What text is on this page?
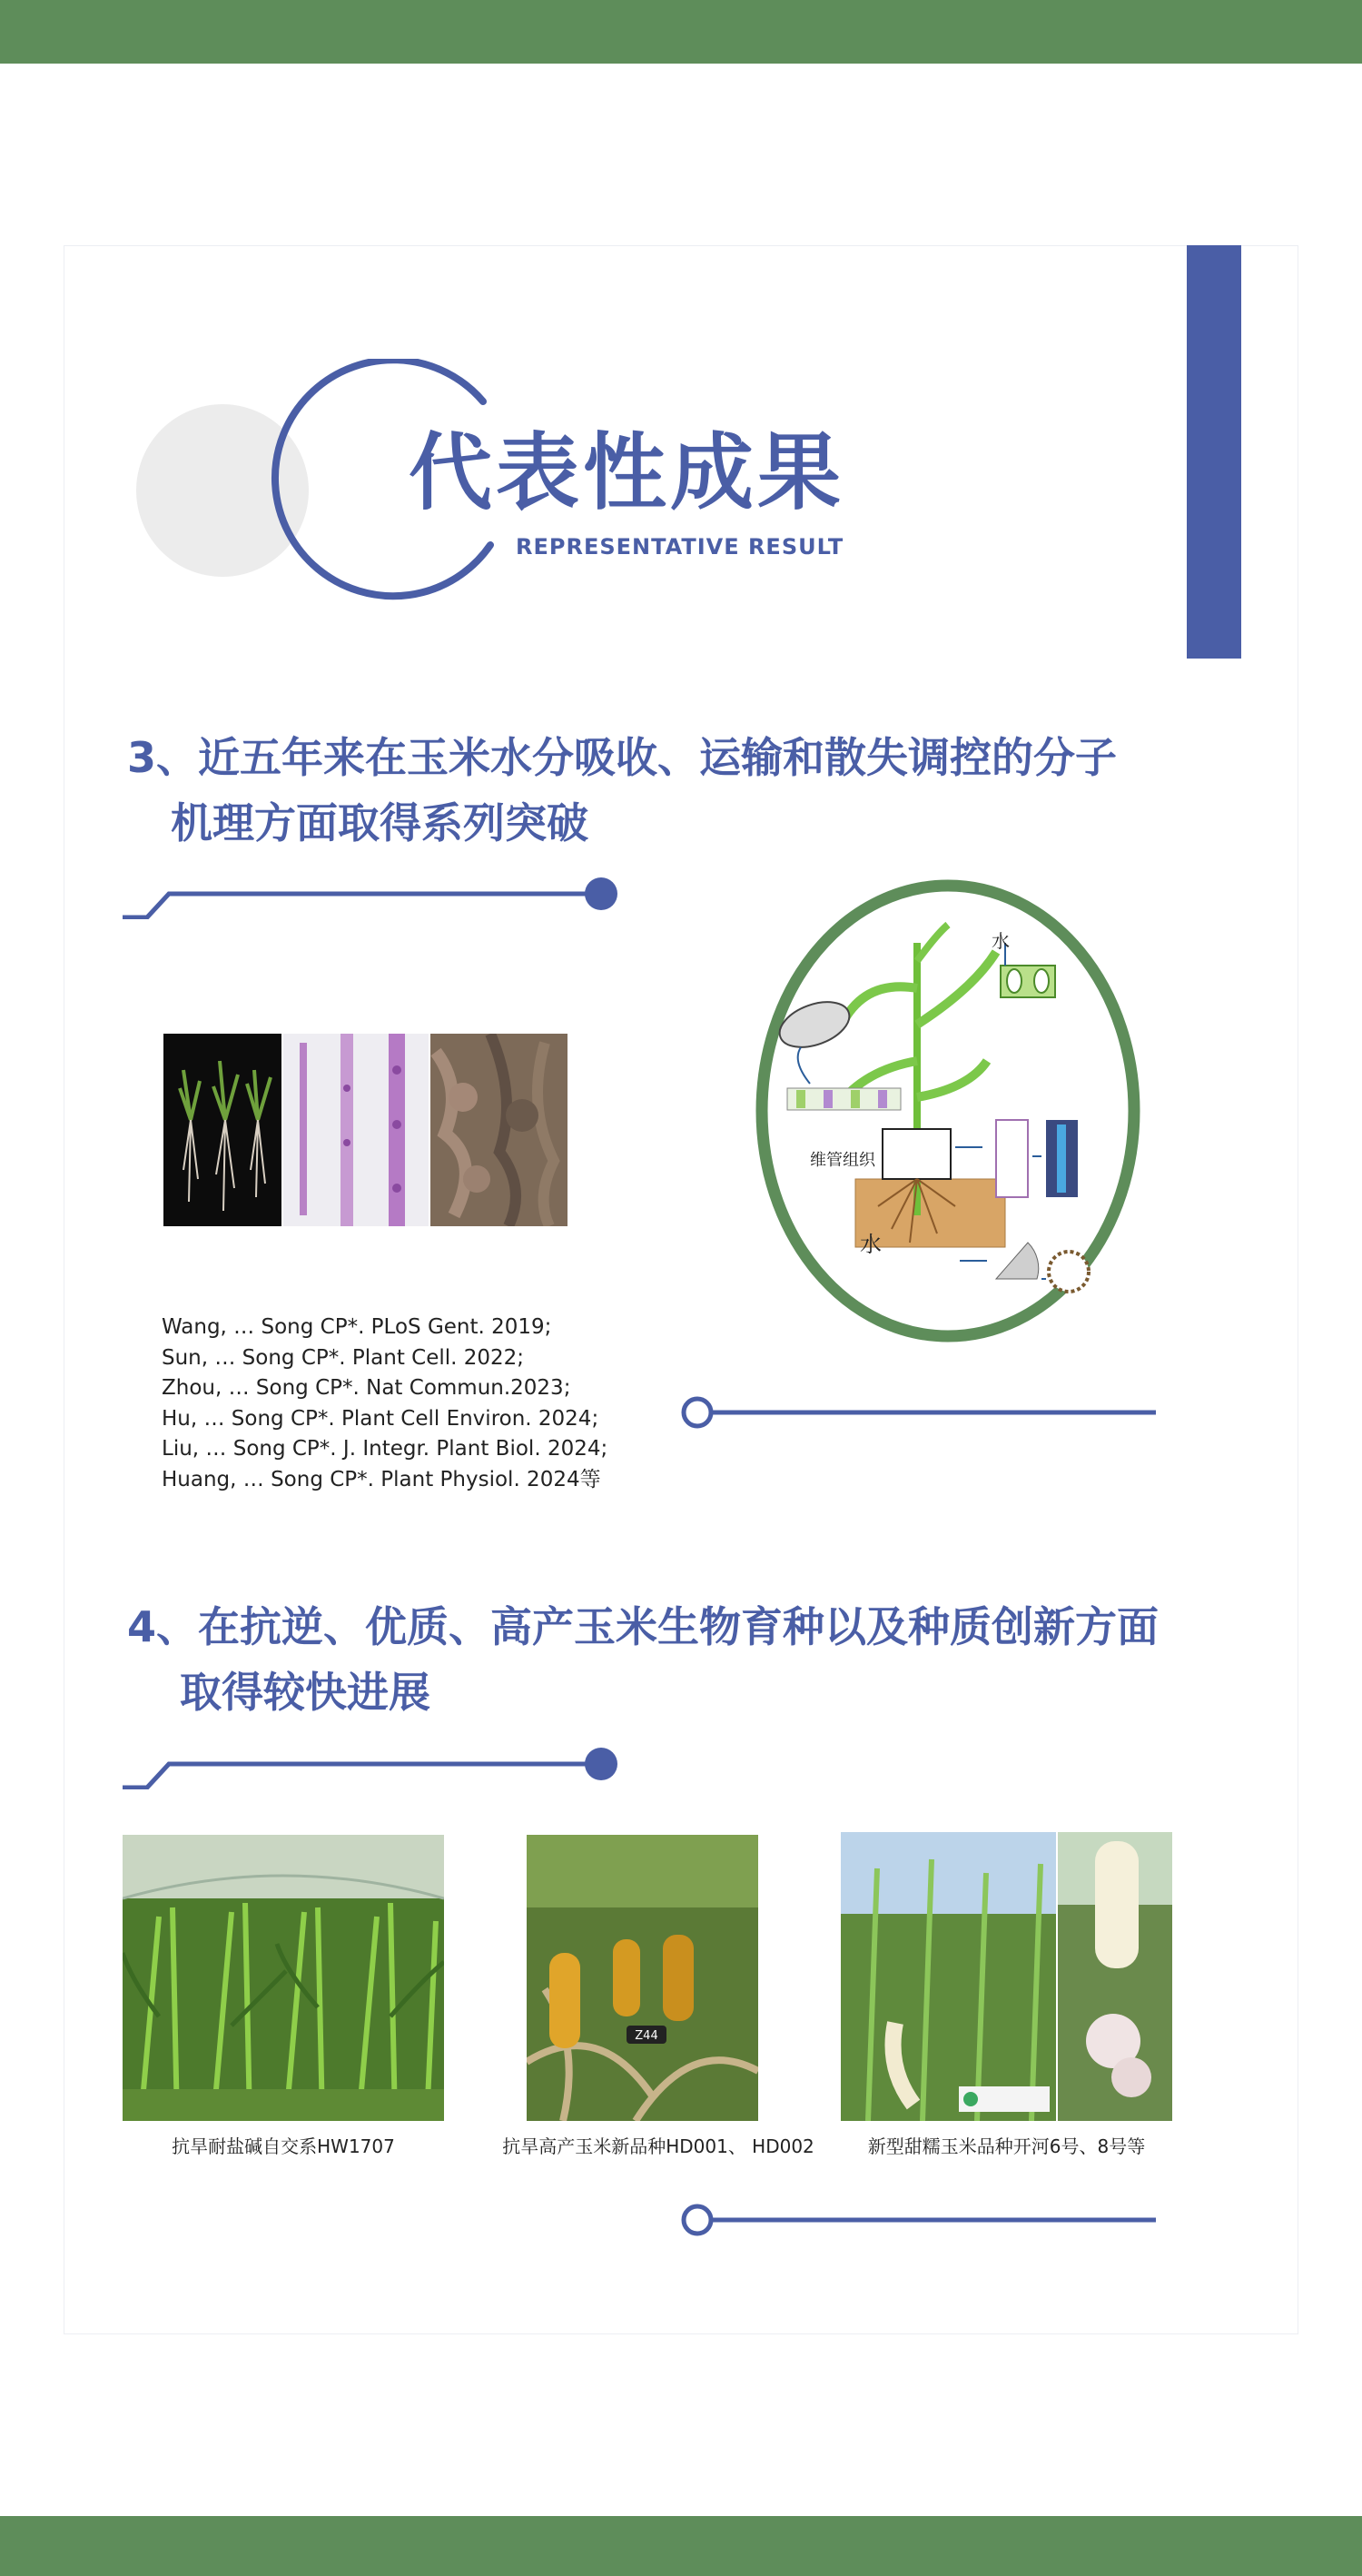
代表性成果
REPRESENTATIVE RESULT
3、近五年来在玉米水分吸收、运输和散失调控的分子
机理方面取得系列突破
水
维管组织
水
Wang, … Song CP*. PLoS Gent. 2019;
Sun, … Song CP*. Plant Cell. 2022;
Zhou, … Song CP*. Nat Commun.2023;
Hu, … Song CP*. Plant Cell Environ. 2024;
Liu, … Song CP*. J. Integr. Plant Biol. 2024;
Huang, … Song CP*. Plant Physiol. 2024等
4、在抗逆、优质、高产玉米生物育种以及种质创新方面
取得较快进展
Z44
抗旱耐盐碱自交系HW1707	抗旱高产玉米新品种HD001、 HD002	新型甜糯玉米品种开河6号、8号等
